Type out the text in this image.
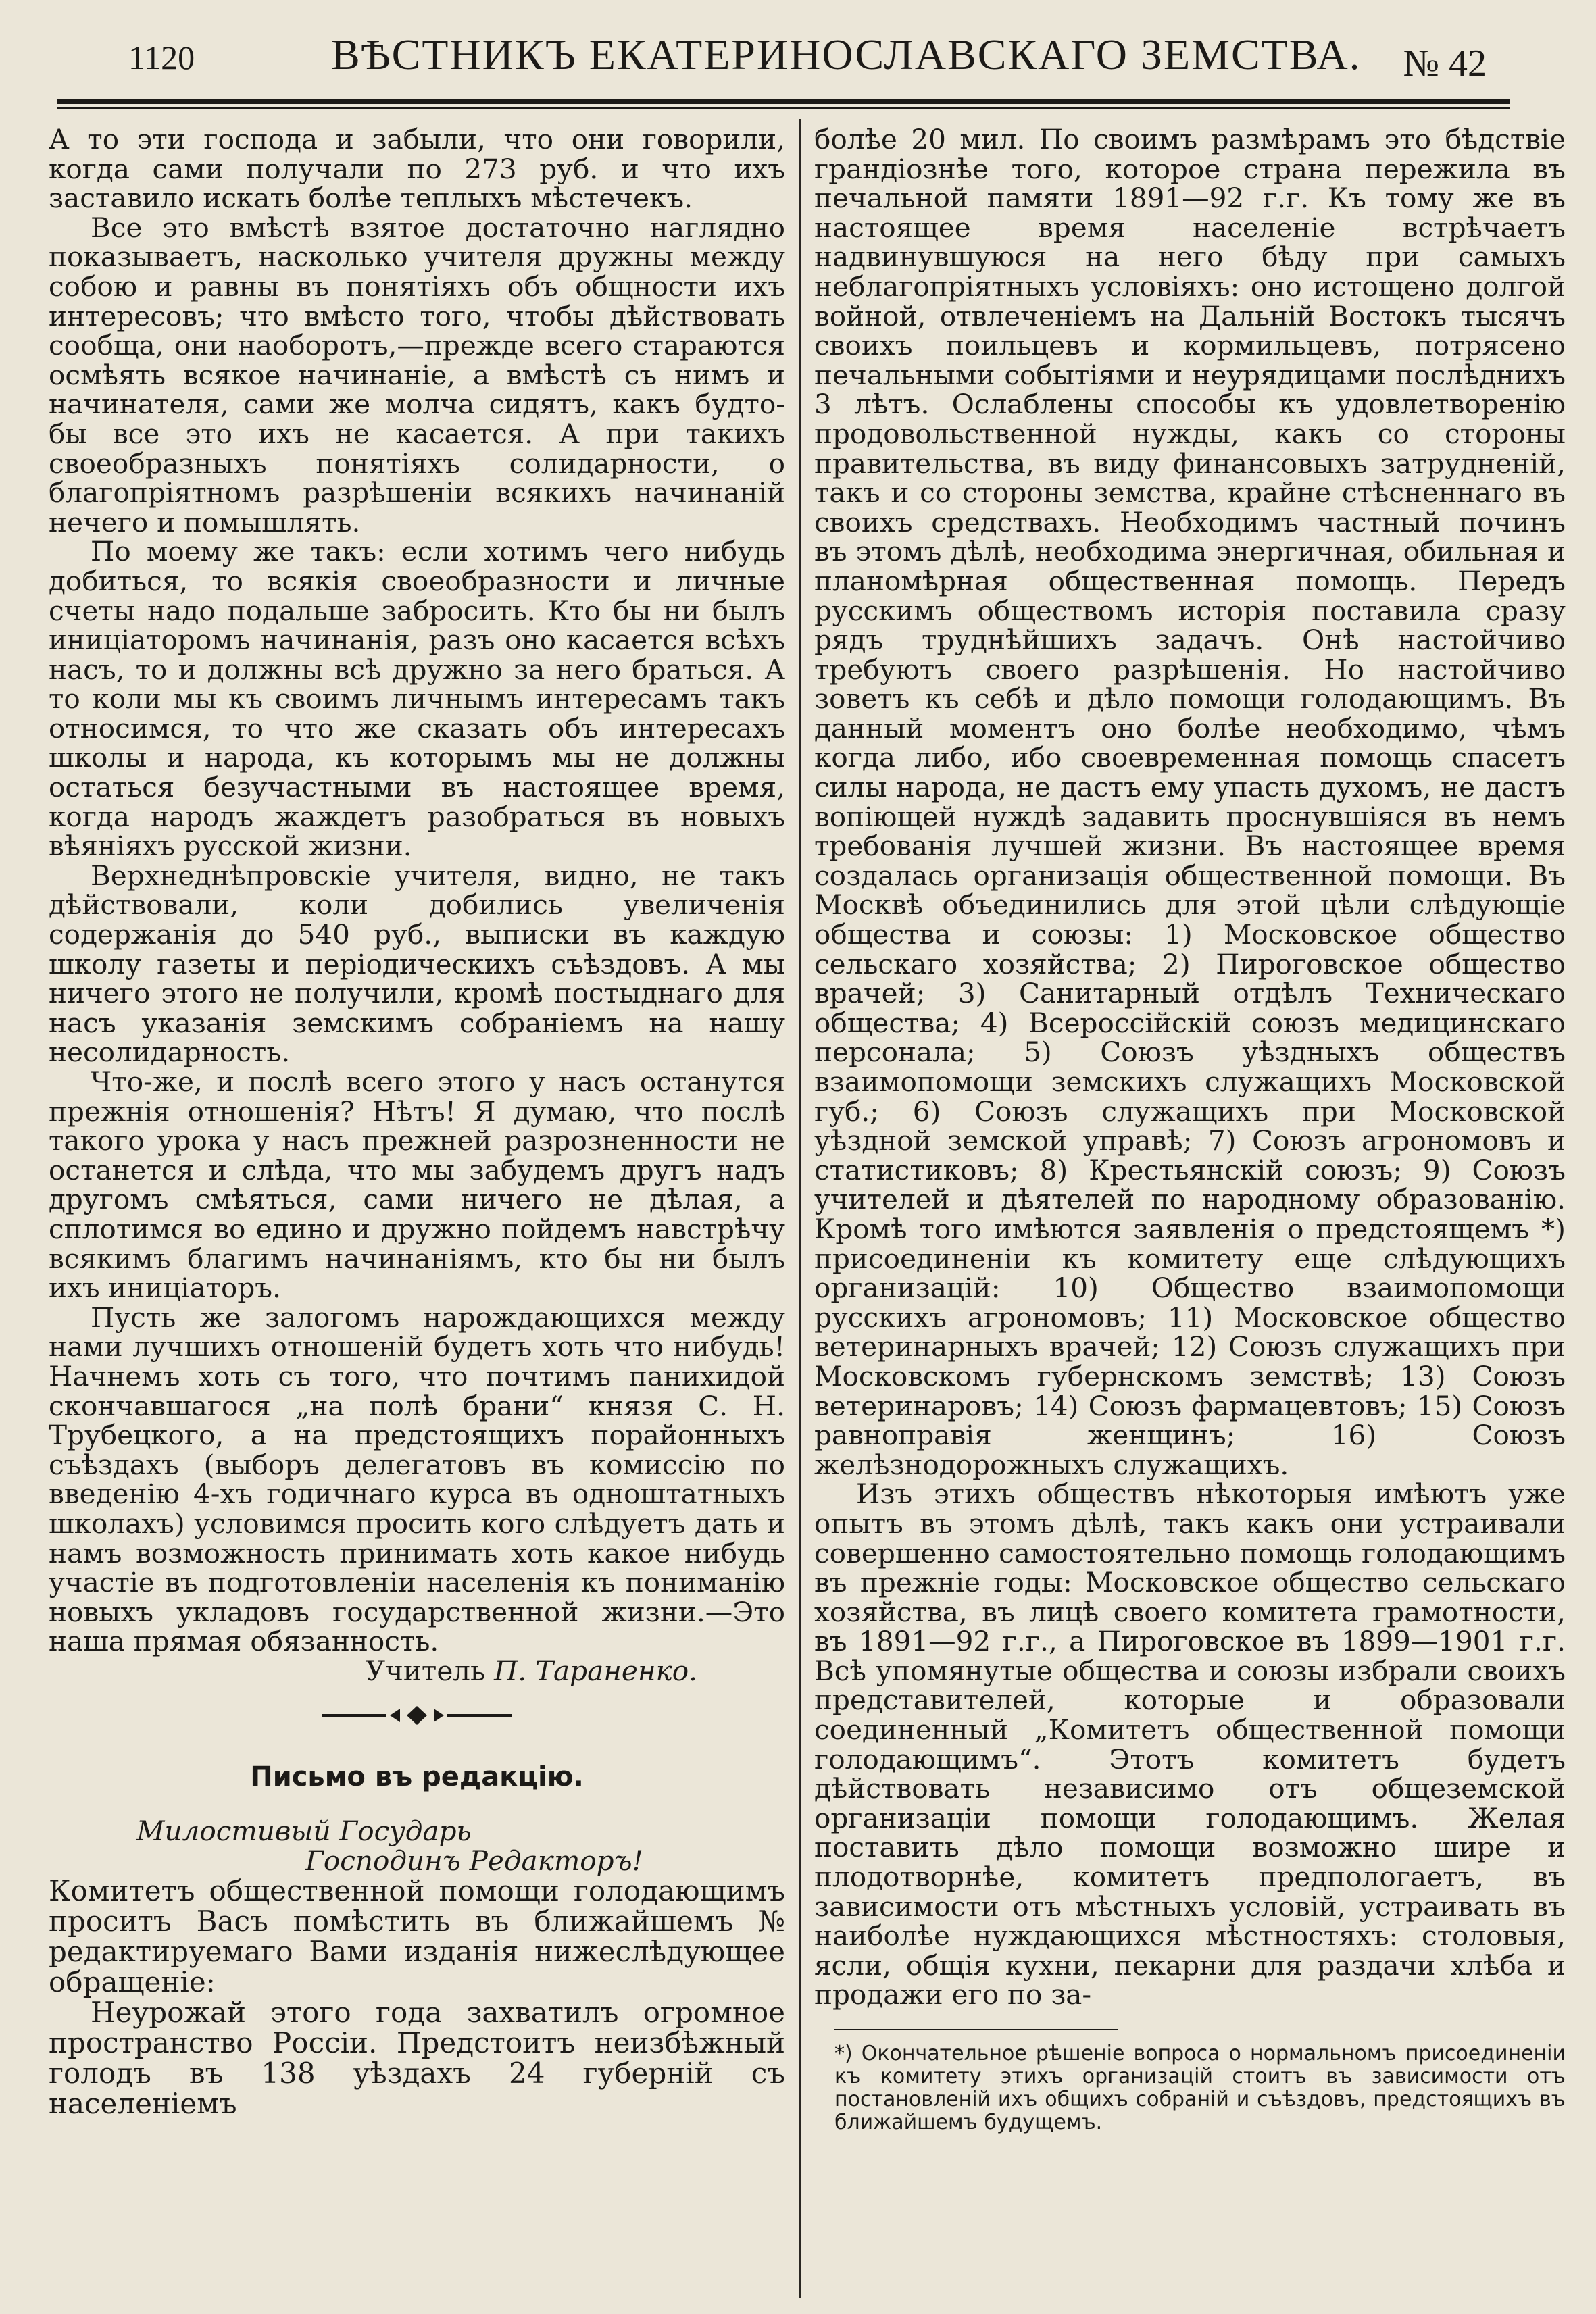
1120	ВѢСТНИКЪ ЕКАТЕРИНОСЛАВСКАГО ЗЕМСТВА. № 42

А то эти господа и забыли, что они говорили, когда сами получали по 273 руб. и что ихъ заставило искать болѣе теплыхъ мѣстечекъ.

Все это вмѣстѣ взятое достаточно наглядно показываетъ, насколько учителя дружны между собою и равны въ понятіяхъ объ общности ихъ интересовъ; что вмѣсто того, чтобы дѣйствовать сообща, они наоборотъ,—прежде всего стараются осмѣять всякое начинаніе, а вмѣстѣ съ нимъ и начинателя, сами же молча сидятъ, какъ будто-бы все это ихъ не касается. А при такихъ своеобразныхъ понятіяхъ солидарности, о благопріятномъ разрѣшеніи всякихъ начинаній нечего и помышлять.

По моему же такъ: если хотимъ чего нибудь добиться, то всякія своеобразности и личные счеты надо подальше забросить. Кто бы ни былъ иниціаторомъ начинанія, разъ оно касается всѣхъ насъ, то и должны всѣ дружно за него браться. А то коли мы къ своимъ личнымъ интересамъ такъ относимся, то что же сказать объ интересахъ школы и народа, къ которымъ мы не должны остаться безучастными въ настоящее время, когда народъ жаждетъ разобраться въ новыхъ вѣяніяхъ русской жизни.

Верхнеднѣпровскіе учителя, видно, не такъ дѣйствовали, коли добились увеличенія содержанія до 540 руб., выписки въ каждую школу газеты и періодическихъ съѣздовъ. А мы ничего этого не получили, кромѣ постыднаго для насъ указанія земскимъ собраніемъ на нашу несолидарность.

Что-же, и послѣ всего этого у насъ останутся прежнія отношенія? Нѣтъ! Я думаю, что послѣ такого урока у насъ прежней разрозненности не останется и слѣда, что мы забудемъ другъ надъ другомъ смѣяться, сами ничего не дѣлая, а сплотимся во едино и дружно пойдемъ навстрѣчу всякимъ благимъ начинаніямъ, кто бы ни былъ ихъ иниціаторъ.

Пусть же залогомъ нарождающихся между нами лучшихъ отношеній будетъ хоть что нибудь! Начнемъ хоть съ того, что почтимъ панихидой скончавшагося „на полѣ брани“ князя С. Н. Трубецкого, а на предстоящихъ порайонныхъ съѣздахъ (выборъ делегатовъ въ комиссію по введенію 4-хъ годичнаго курса въ одноштатныхъ школахъ) условимся просить кого слѣдуетъ дать и намъ возможность принимать хоть какое нибудь участіе въ подготовленіи населенія къ пониманію новыхъ укладовъ государственной жизни.—Это наша прямая обязанность.

Учитель П. Тараненко.

Письмо въ редакцію.

Милостивый Государь
Господинъ Редакторъ!

Комитетъ общественной помощи голодающимъ проситъ Васъ помѣстить въ ближайшемъ № редактируемаго Вами изданія нижеслѣдующее обращеніе:

Неурожай этого года захватилъ огромное пространство Россіи. Предстоитъ неизбѣжный голодъ въ 138 уѣздахъ 24 губерній съ населеніемъ

болѣе 20 мил. По своимъ размѣрамъ это бѣдствіе грандіознѣе того, которое страна пережила въ печальной памяти 1891—92 г.г. Къ тому же въ настоящее время населеніе встрѣчаетъ надвинувшуюся на него бѣду при самыхъ неблагопріятныхъ условіяхъ: оно истощено долгой войной, отвлеченіемъ на Дальній Востокъ тысячъ своихъ поильцевъ и кормильцевъ, потрясено печальными событіями и неурядицами послѣднихъ 3 лѣтъ. Ослаблены способы къ удовлетворенію продовольственной нужды, какъ со стороны правительства, въ виду финансовыхъ затрудненій, такъ и со стороны земства, крайне стѣсненнаго въ своихъ средствахъ. Необходимъ частный починъ въ этомъ дѣлѣ, необходима энергичная, обильная и планомѣрная общественная помощь. Передъ русскимъ обществомъ исторія поставила сразу рядъ труднѣйшихъ задачъ. Онѣ настойчиво требуютъ своего разрѣшенія. Но настойчиво зоветъ къ себѣ и дѣло помощи голодающимъ. Въ данный моментъ оно болѣе необходимо, чѣмъ когда либо, ибо своевременная помощь спасетъ силы народа, не дастъ ему упасть духомъ, не дастъ вопіющей нуждѣ задавить проснувшіяся въ немъ требованія лучшей жизни. Въ настоящее время создалась организація общественной помощи. Въ Москвѣ объединились для этой цѣли слѣдующіе общества и союзы: 1) Московское общество сельскаго хозяйства; 2) Пироговское общество врачей; 3) Санитарный отдѣлъ Техническаго общества; 4) Всероссійскій союзъ медицинскаго персонала; 5) Союзъ уѣздныхъ обществъ взаимопомощи земскихъ служащихъ Московской губ.; 6) Союзъ служащихъ при Московской уѣздной земской управѣ; 7) Союзъ агрономовъ и статистиковъ; 8) Крестьянскій союзъ; 9) Союзъ учителей и дѣятелей по народному образованію. Кромѣ того имѣются заявленія о предстоящемъ *) присоединеніи къ комитету еще слѣдующихъ организацій: 10) Общество взаимопомощи русскихъ агрономовъ; 11) Московское общество ветеринарныхъ врачей; 12) Союзъ служащихъ при Московскомъ губернскомъ земствѣ; 13) Союзъ ветеринаровъ; 14) Союзъ фармацевтовъ; 15) Союзъ равноправія женщинъ; 16) Союзъ желѣзнодорожныхъ служащихъ.

Изъ этихъ обществъ нѣкоторыя имѣютъ уже опытъ въ этомъ дѣлѣ, такъ какъ они устраивали совершенно самостоятельно помощь голодающимъ въ прежніе годы: Московское общество сельскаго хозяйства, въ лицѣ своего комитета грамотности, въ 1891—92 г.г., а Пироговское въ 1899—1901 г.г. Всѣ упомянутые общества и союзы избрали своихъ представителей, которые и образовали соединенный „Комитетъ общественной помощи голодающимъ“. Этотъ комитетъ будетъ дѣйствовать независимо отъ общеземской организаціи помощи голодающимъ. Желая поставить дѣло помощи возможно шире и плодотворнѣе, комитетъ предпологаетъ, въ зависимости отъ мѣстныхъ условій, устраивать въ наиболѣе нуждающихся мѣстностяхъ: столовыя, ясли, общія кухни, пекарни для раздачи хлѣба и продажи его по за-

*) Окончательное рѣшеніе вопроса о нормальномъ присоединеніи къ комитету этихъ организацій стоитъ въ зависимости отъ постановленій ихъ общихъ собраній и съѣздовъ, предстоящихъ въ ближайшемъ будущемъ.
